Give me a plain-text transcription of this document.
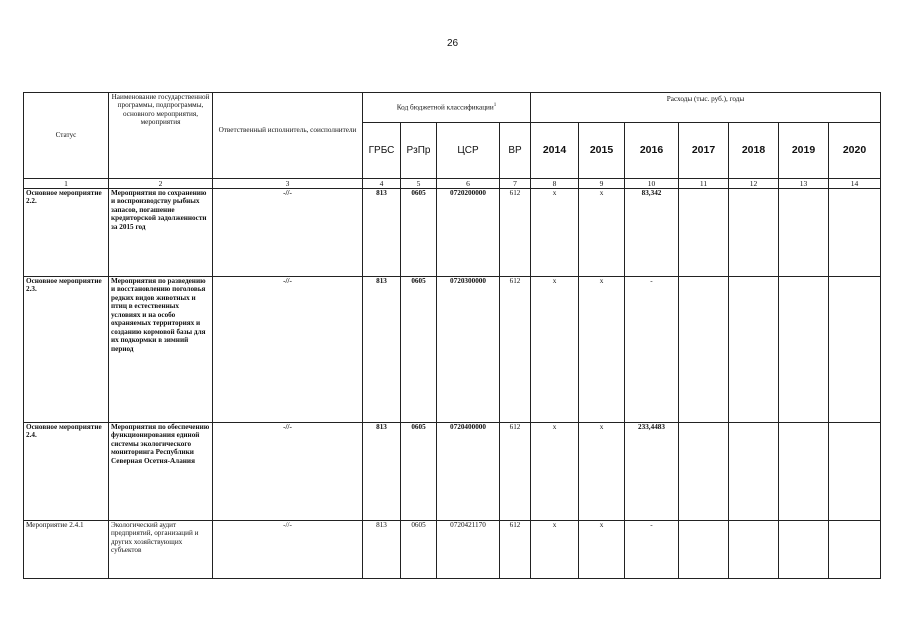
26
Статус	Наименование государственной программы, подпрограммы, основного мероприятия, мероприятия	Ответственный исполнитель, соисполнители	Код бюджетной классификации$^1$				Расходы (тыс. руб.), годы						
			ГРБС	РзПр	ЦСР	ВР	2014	2015	2016	2017	2018	2019	2020
1	2	3	4	5	6	7	8	9	10	11	12	13	14
Основное мероприятие 2.2.	Мероприятия по сохранению и воспроизводству рыбных запасов, погашение кредиторской задолженности за 2015 год	-//-	813	0605	0720200000	612	x	x	83,342				
Основное мероприятие 2.3.	Мероприятия по разведению и восстановлению поголовья редких видов животных и птиц в естественных условиях и на особо охраняемых территориях и созданию кормовой базы для их подкормки в зимний период	-//-	813	0605	0720300000	612	x	x	-				
Основное мероприятие 2.4.	Мероприятия по обеспечению функционирования единой системы экологического мониторинга Республики Северная Осетия-Алания	-//-	813	0605	0720400000	612	x	x	233,4483				
Мероприятие 2.4.1	Экологический аудит предприятий, организаций и других хозяйствующих субъектов	-//-	813	0605	0720421170	612	x	x	-				
